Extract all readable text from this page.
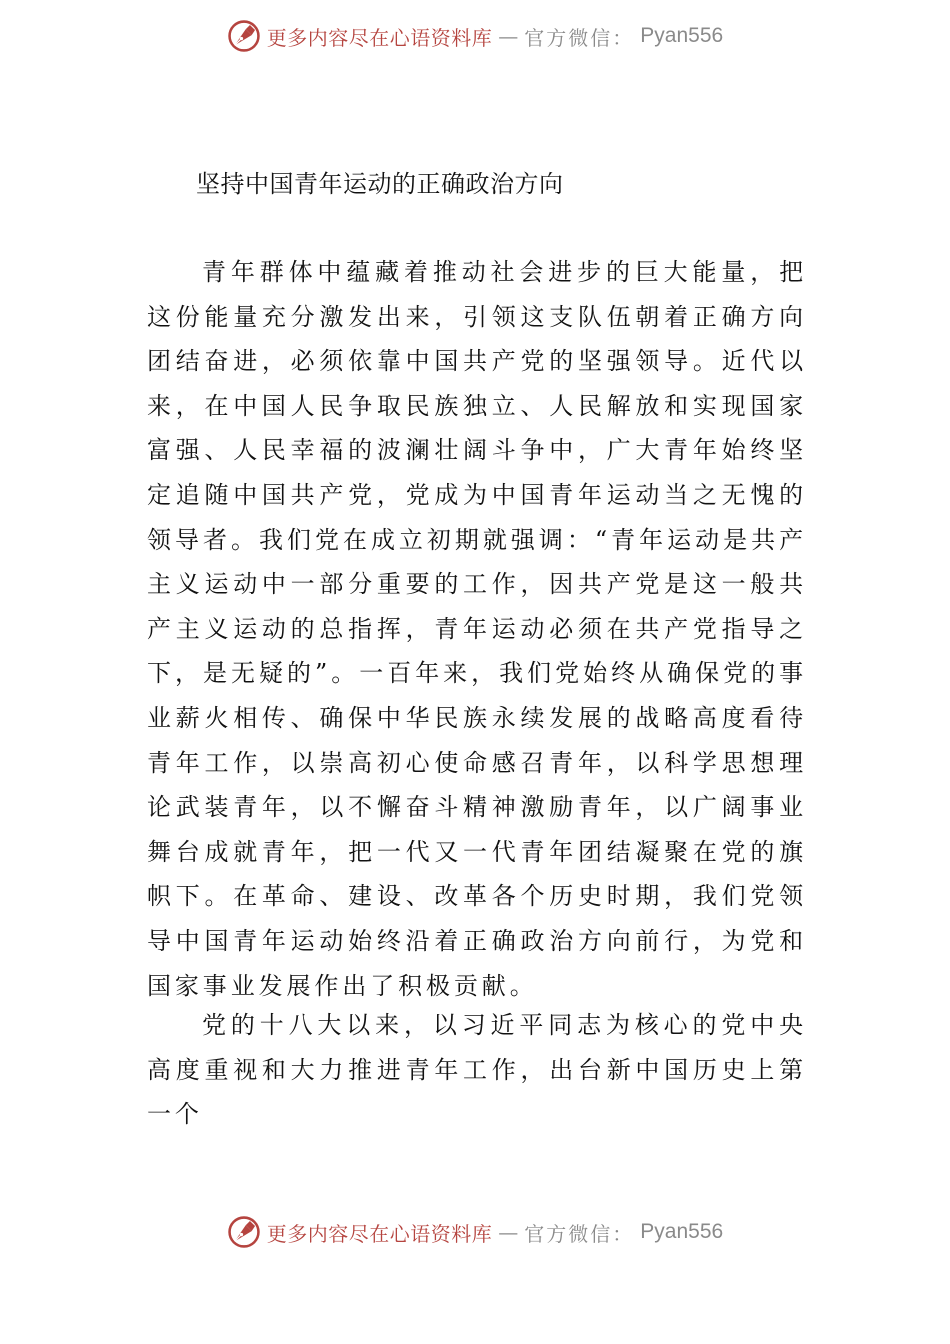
更多内容尽在心语资料库 — 官方微信： Pyan556
坚持中国青年运动的正确政治方向

青年群体中蕴藏着推动社会进步的巨大能量，把这份能量充分激发出来，引领这支队伍朝着正确方向团结奋进，必须依靠中国共产党的坚强领导。近代以来，在中国人民争取民族独立、人民解放和实现国家富强、人民幸福的波澜壮阔斗争中，广大青年始终坚定追随中国共产党，党成为中国青年运动当之无愧的领导者。我们党在成立初期就强调：“青年运动是共产主义运动中一部分重要的工作，因共产党是这一般共产主义运动的总指挥，青年运动必须在共产党指导之下，是无疑的”。一百年来，我们党始终从确保党的事业薪火相传、确保中华民族永续发展的战略高度看待青年工作，以崇高初心使命感召青年，以科学思想理论武装青年，以不懈奋斗精神激励青年，以广阔事业舞台成就青年，把一代又一代青年团结凝聚在党的旗帜下。在革命、建设、改革各个历史时期，我们党领导中国青年运动始终沿着正确政治方向前行，为党和国家事业发展作出了积极贡献。

党的十八大以来，以习近平同志为核心的党中央高度重视和大力推进青年工作，出台新中国历史上第一个

更多内容尽在心语资料库 — 官方微信： Pyan556
